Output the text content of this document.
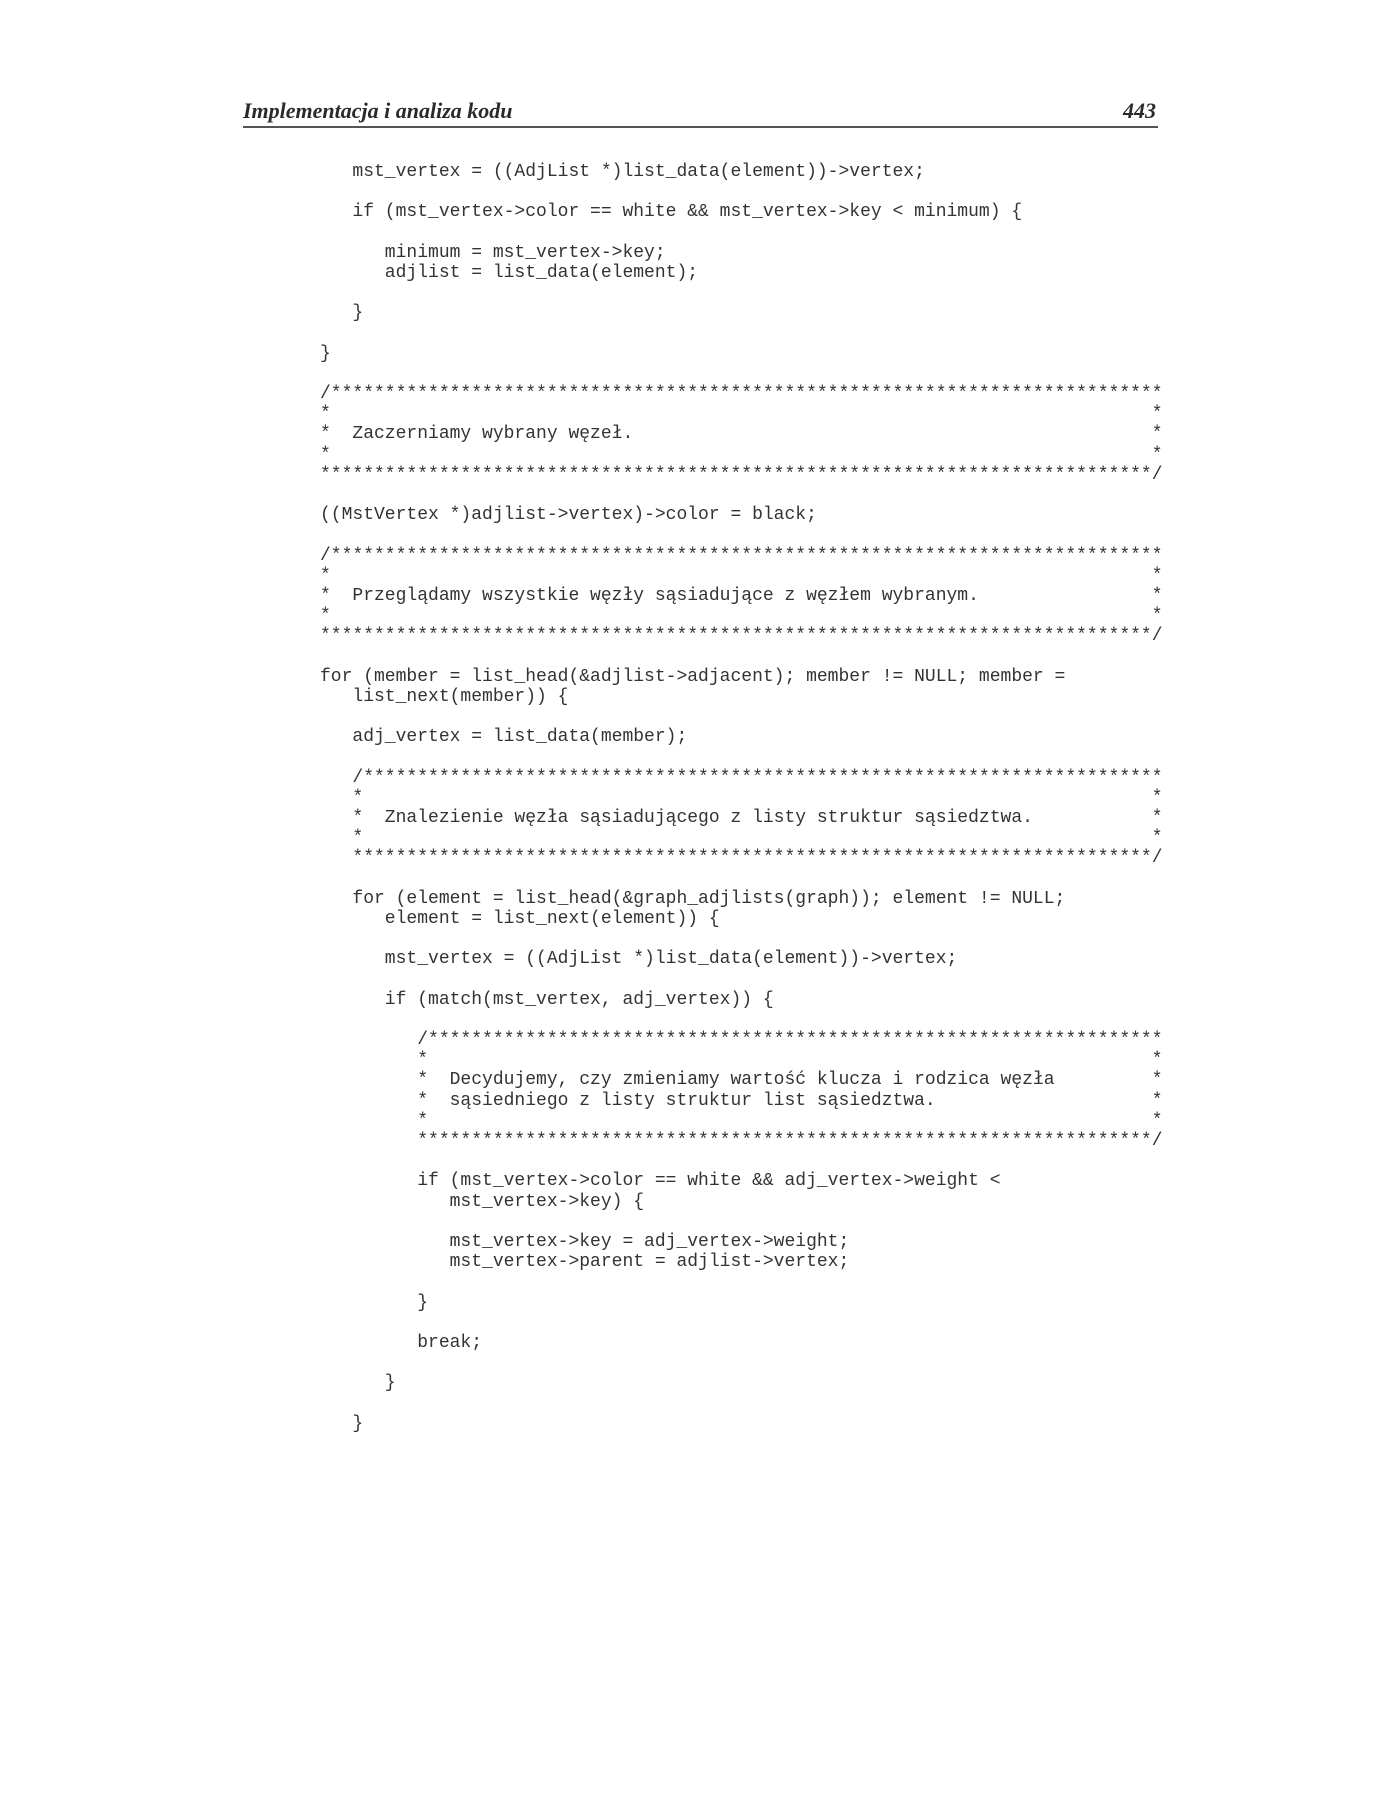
Implementacja i analiza kodu	443
mst_vertex = ((AdjList *)list_data(element))->vertex;
if (mst_vertex->color == white && mst_vertex->key < minimum) {
minimum = mst_vertex->key;
adjlist = list_data(element);
}
}
/*****************************************************************************
*                                                                            *
*  Zaczerniamy wybrany węzeł.                                                *
*                                                                            *
*****************************************************************************/
((MstVertex *)adjlist->vertex)->color = black;
/*****************************************************************************
*                                                                            *
*  Przeglądamy wszystkie węzły sąsiadujące z węzłem wybranym.                *
*                                                                            *
*****************************************************************************/
for (member = list_head(&adjlist->adjacent); member != NULL; member =
list_next(member)) {
adj_vertex = list_data(member);
/**************************************************************************
*                                                                         *
*  Znalezienie węzła sąsiadującego z listy struktur sąsiedztwa.           *
*                                                                         *
**************************************************************************/
for (element = list_head(&graph_adjlists(graph)); element != NULL;
element = list_next(element)) {
mst_vertex = ((AdjList *)list_data(element))->vertex;
if (match(mst_vertex, adj_vertex)) {
/********************************************************************
*                                                                   *
*  Decydujemy, czy zmieniamy wartość klucza i rodzica węzła         *
*  sąsiedniego z listy struktur list sąsiedztwa.                    *
*                                                                   *
********************************************************************/
if (mst_vertex->color == white && adj_vertex->weight <
mst_vertex->key) {
mst_vertex->key = adj_vertex->weight;
mst_vertex->parent = adjlist->vertex;
}
break;
}
}
